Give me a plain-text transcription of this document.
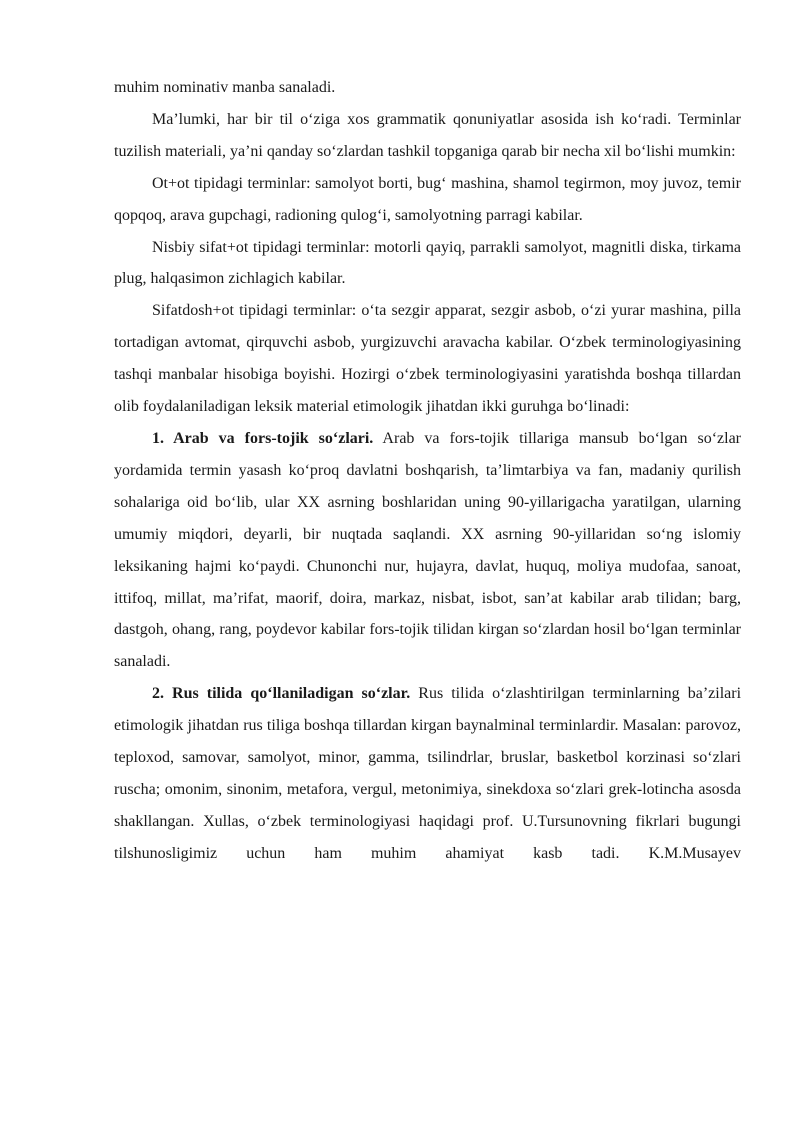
muhim nominativ manba sanaladi.

Ma’lumki, har bir til o‘ziga xos grammatik qonuniyatlar asosida ish ko‘radi. Terminlar tuzilish materiali, ya’ni qanday so‘zlardan tashkil topganiga qarab bir necha xil bo‘lishi mumkin:

Ot+ot tipidagi terminlar: samolyot borti, bug‘ mashina, shamol tegirmon, moy juvoz, temir qopqoq, arava gupchagi, radioning qulog‘i, samolyotning parragi kabilar.

Nisbiy sifat+ot tipidagi terminlar: motorli qayiq, parrakli samolyot, magnitli diska, tirkama plug, halqasimon zichlagich kabilar.

Sifatdosh+ot tipidagi terminlar: o‘ta sezgir apparat, sezgir asbob, o‘zi yurar mashina, pilla tortadigan avtomat, qirquvchi asbob, yurgizuvchi aravacha kabilar. O‘zbek terminologiyasining tashqi manbalar hisobiga boyishi. Hozirgi o‘zbek terminologiyasini yaratishda boshqa tillardan olib foydalaniladigan leksik material etimologik jihatdan ikki guruhga bo‘linadi:

1. Arab va fors-tojik so‘zlari. Arab va fors-tojik tillariga mansub bo‘lgan so‘zlar yordamida termin yasash ko‘proq davlatni boshqarish, ta’limtarbiya va fan, madaniy qurilish sohalariga oid bo‘lib, ular XX asrning boshlaridan uning 90-yillarigacha yaratilgan, ularning umumiy miqdori, deyarli, bir nuqtada saqlandi. XX asrning 90-yillaridan so‘ng islomiy leksikaning hajmi ko‘paydi. Chunonchi nur, hujayra, davlat, huquq, moliya mudofaa, sanoat, ittifoq, millat, ma’rifat, maorif, doira, markaz, nisbat, isbot, san’at kabilar arab tilidan; barg, dastgoh, ohang, rang, poydevor kabilar fors-tojik tilidan kirgan so‘zlardan hosil bo‘lgan terminlar sanaladi.

2. Rus tilida qo‘llaniladigan so‘zlar. Rus tilida o‘zlashtirilgan terminlarning ba’zilari etimologik jihatdan rus tiliga boshqa tillardan kirgan baynalminal terminlardir. Masalan: parovoz, teploxod, samovar, samolyot, minor, gamma, tsilindrlar, bruslar, basketbol korzinasi so‘zlari ruscha; omonim, sinonim, metafora, vergul, metonimiya, sinekdoxa so‘zlari grek-lotincha asosda shakllangan. Xullas, o‘zbek terminologiyasi haqidagi prof. U.Tursunovning fikrlari bugungi tilshunosligimiz uchun ham muhim ahamiyat kasb tadi. K.M.Musayev
